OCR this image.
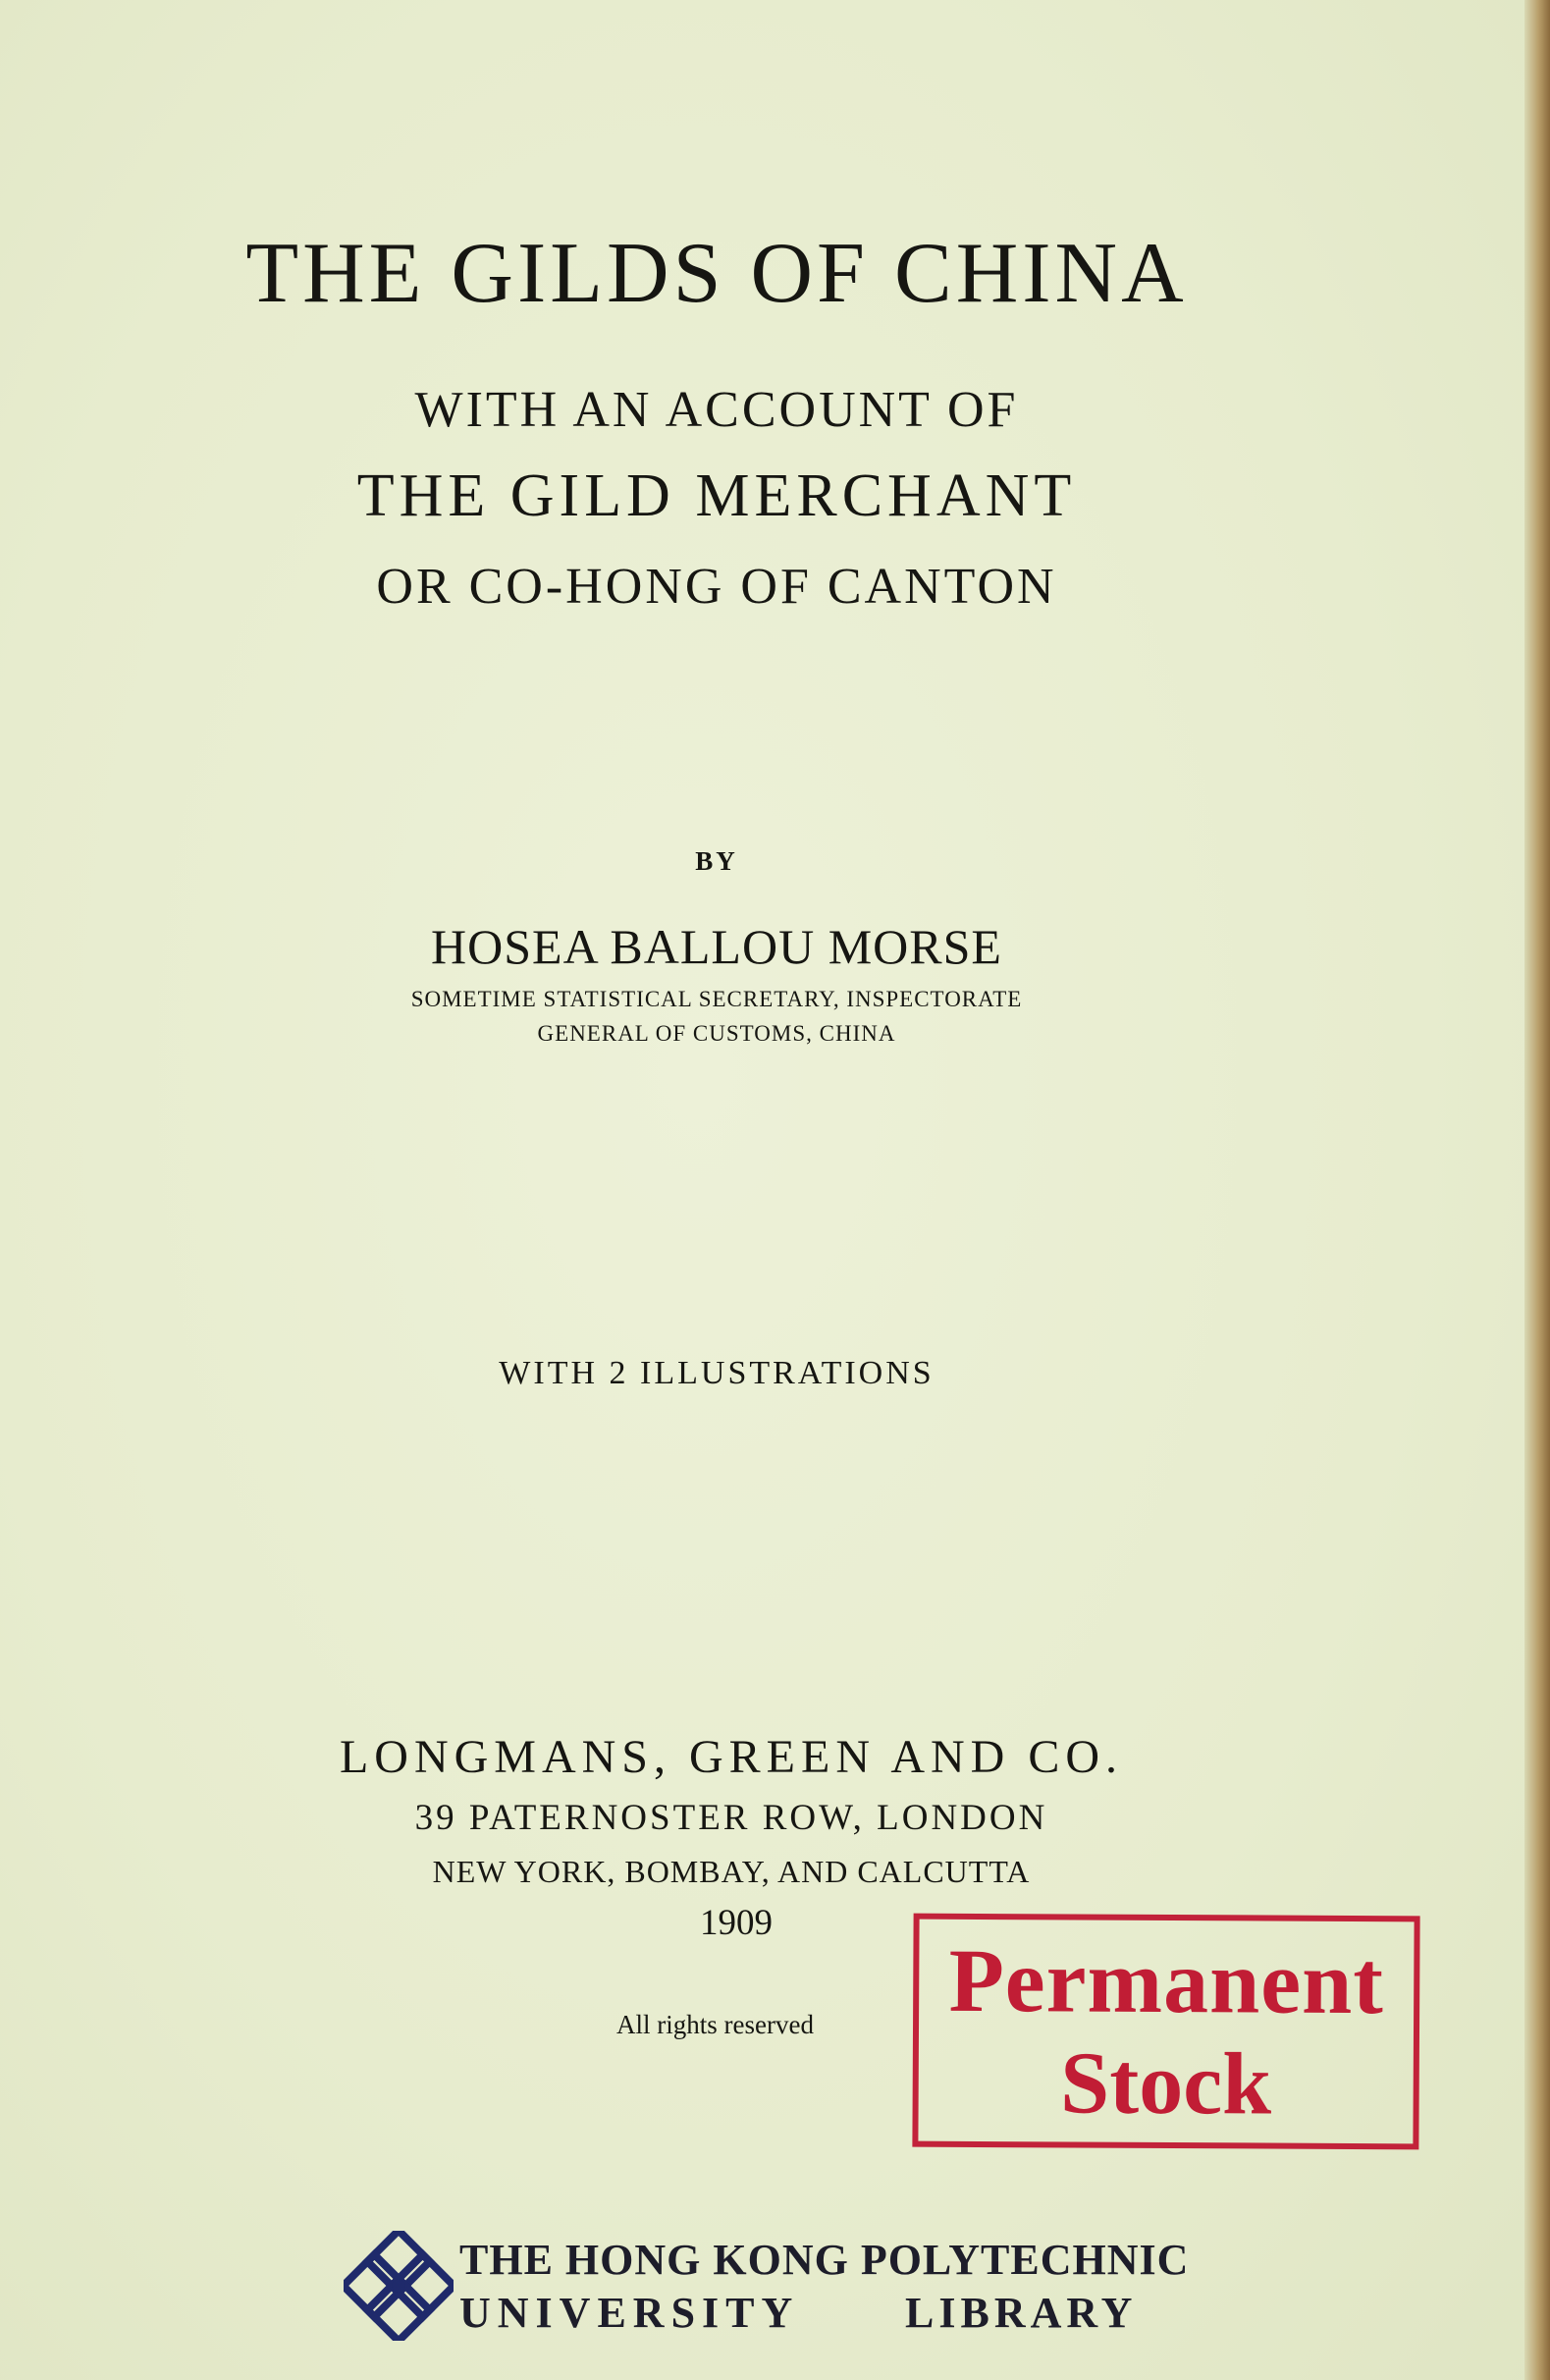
THE GILDS OF CHINA
WITH AN ACCOUNT OF
THE GILD MERCHANT
OR CO-HONG OF CANTON
BY
HOSEA BALLOU MORSE
SOMETIME STATISTICAL SECRETARY, INSPECTORATE
GENERAL OF CUSTOMS, CHINA
WITH 2 ILLUSTRATIONS
LONGMANS, GREEN AND CO.
39 PATERNOSTER ROW, LONDON
NEW YORK, BOMBAY, AND CALCUTTA
1909
All rights reserved	Permanent
Stock
THE HONG KONG POLYTECHNIC
UNIVERSITY LIBRARY
